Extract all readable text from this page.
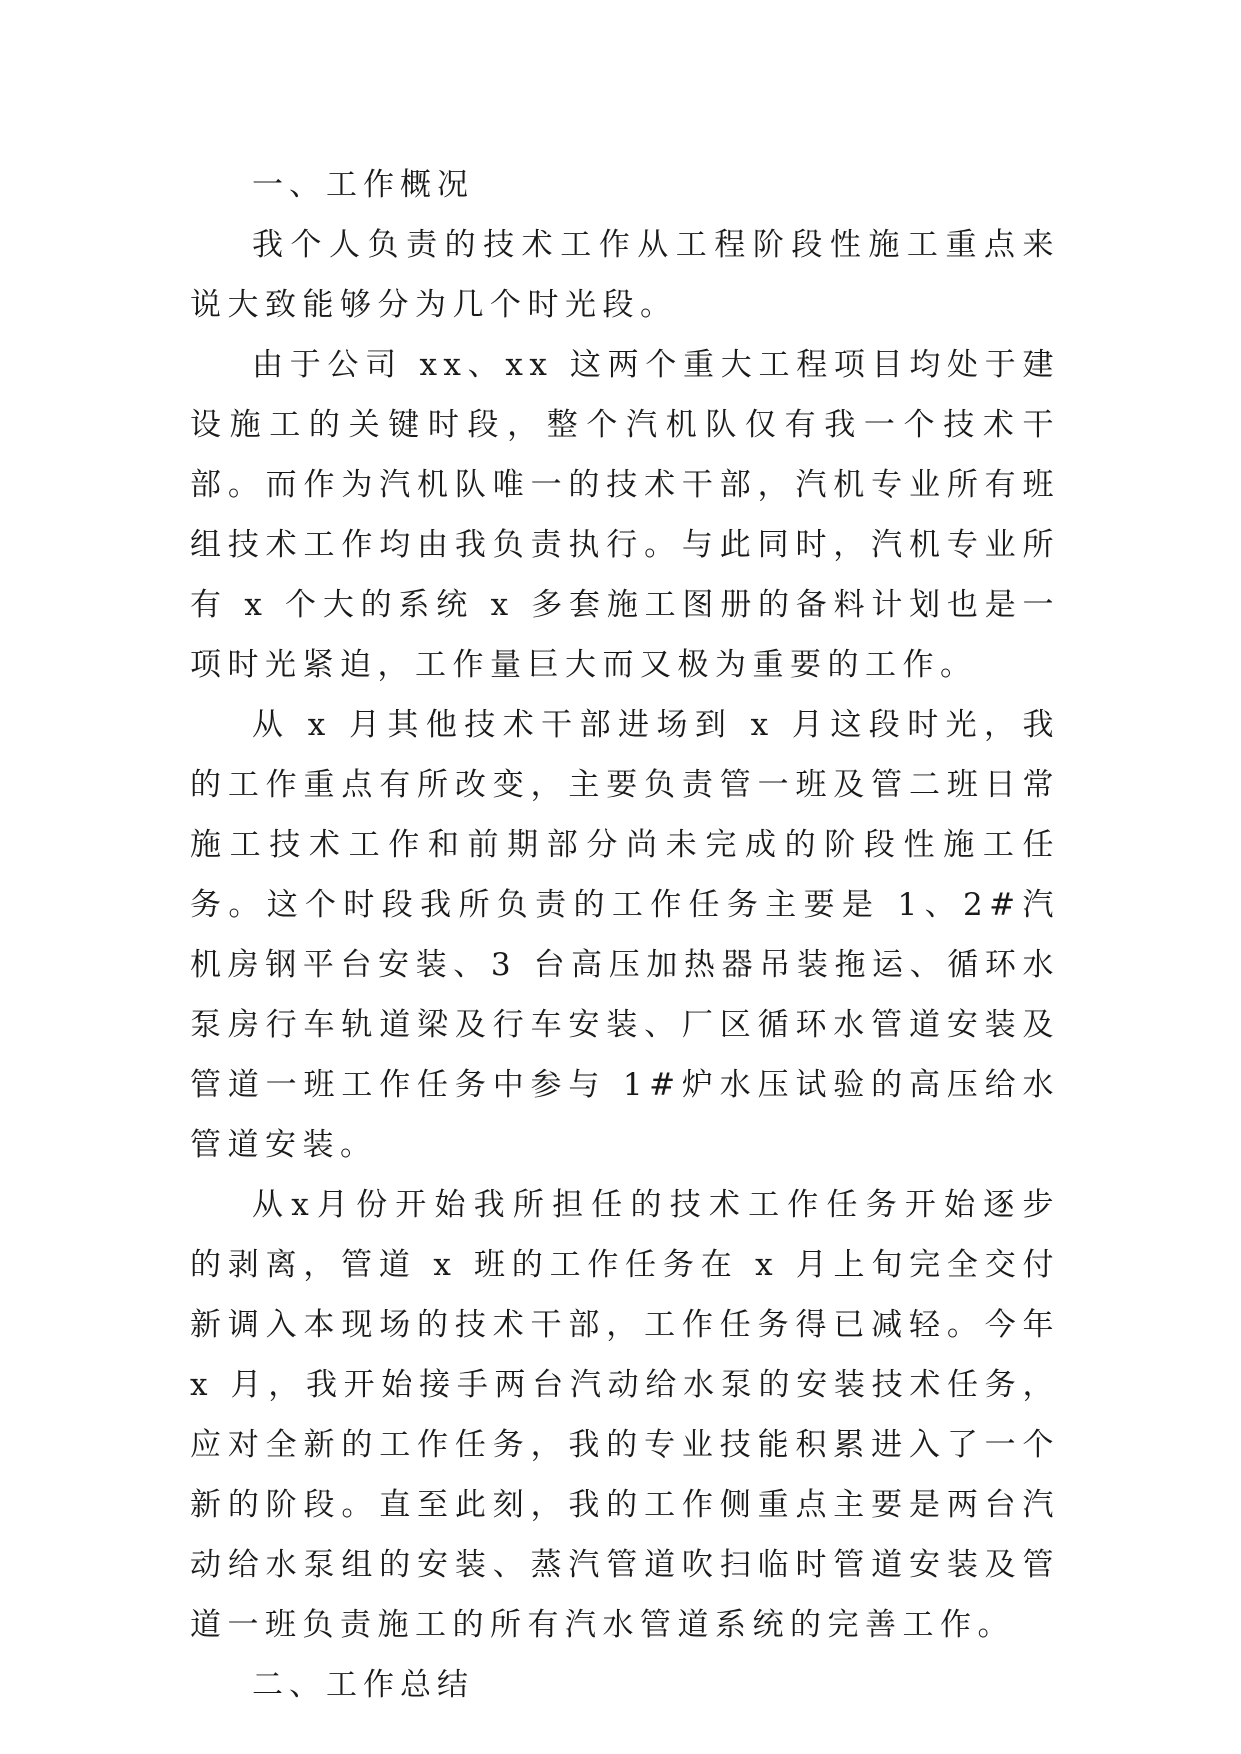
一、工作概况

我个人负责的技术工作从工程阶段性施工重点来说大致能够分为几个时光段。

由于公司 xx、xx 这两个重大工程项目均处于建设施工的关键时段，整个汽机队仅有我一个技术干部。而作为汽机队唯一的技术干部，汽机专业所有班组技术工作均由我负责执行。与此同时，汽机专业所有 x 个大的系统 x 多套施工图册的备料计划也是一项时光紧迫，工作量巨大而又极为重要的工作。

从 x 月其他技术干部进场到 x 月这段时光，我的工作重点有所改变，主要负责管一班及管二班日常施工技术工作和前期部分尚未完成的阶段性施工任务。这个时段我所负责的工作任务主要是 1、2#汽机房钢平台安装、3 台高压加热器吊装拖运、循环水泵房行车轨道梁及行车安装、厂区循环水管道安装及管道一班工作任务中参与 1#炉水压试验的高压给水管道安装。

从x月份开始我所担任的技术工作任务开始逐步的剥离，管道 x 班的工作任务在 x 月上旬完全交付新调入本现场的技术干部，工作任务得已减轻。今年 x 月，我开始接手两台汽动给水泵的安装技术任务，应对全新的工作任务，我的专业技能积累进入了一个新的阶段。直至此刻，我的工作侧重点主要是两台汽动给水泵组的安装、蒸汽管道吹扫临时管道安装及管道一班负责施工的所有汽水管道系统的完善工作。

二、工作总结
